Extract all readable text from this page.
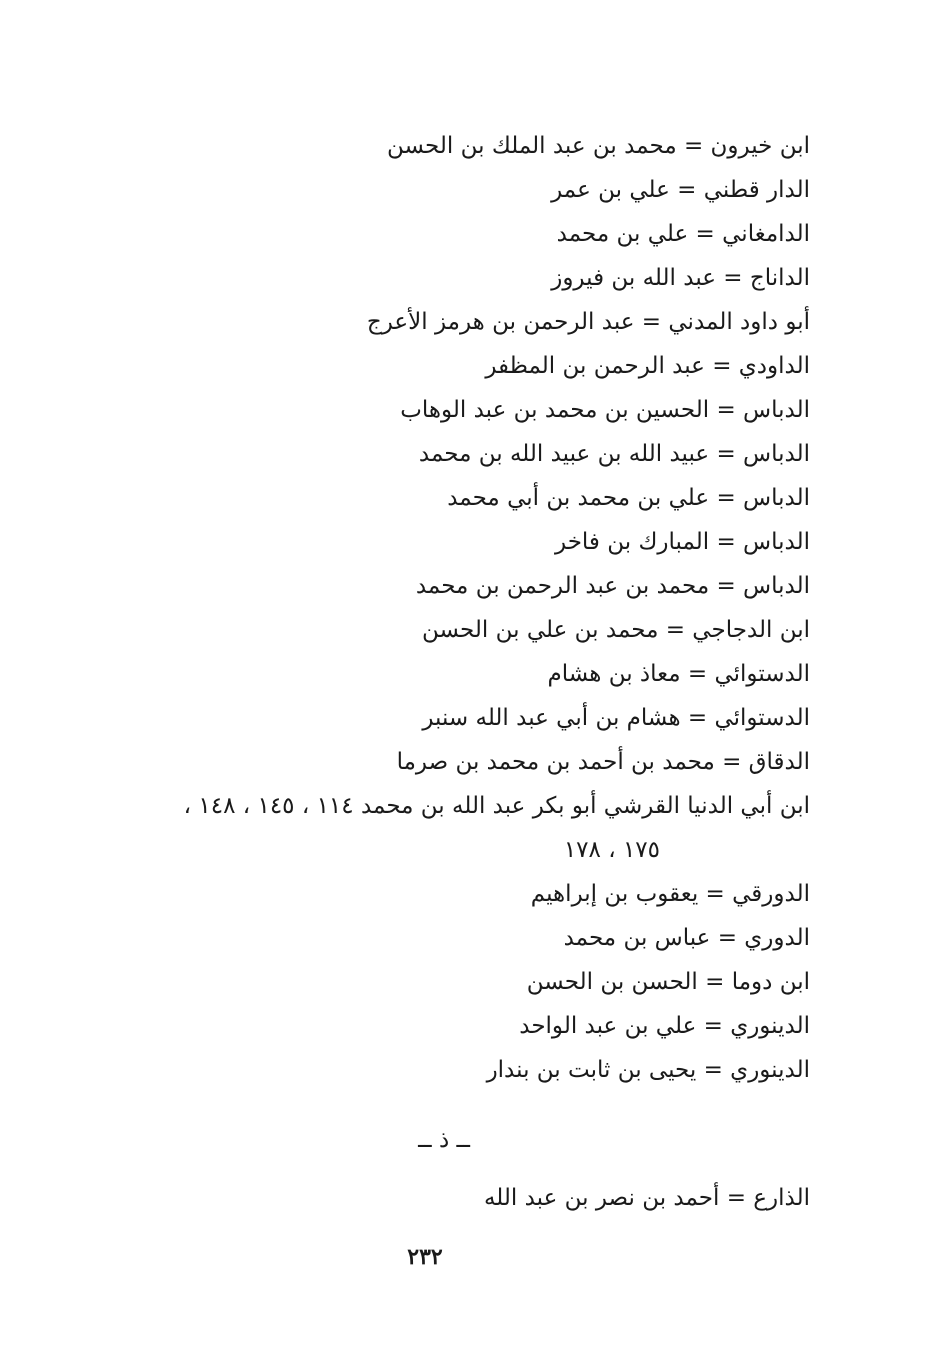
ابن خيرون = محمد بن عبد الملك بن الحسن
الدار قطني = علي بن عمر
الدامغاني = علي بن محمد
الداناج = عبد الله بن فيروز
أبو داود المدني = عبد الرحمن بن هرمز الأعرج
الداودي = عبد الرحمن بن المظفر
الدباس = الحسين بن محمد بن عبد الوهاب
الدباس = عبيد الله بن عبيد الله بن محمد
الدباس = علي بن محمد بن أبي محمد
الدباس = المبارك بن فاخر
الدباس = محمد بن عبد الرحمن بن محمد
ابن الدجاجي = محمد بن علي بن الحسن
الدستوائي = معاذ بن هشام
الدستوائي = هشام بن أبي عبد الله سنبر
الدقاق = محمد بن أحمد بن محمد بن صرما
ابن أبي الدنيا القرشي أبو بكر عبد الله بن محمد ١١٤ ، ١٤٥ ، ١٤٨ ،
١٧٥ ، ١٧٨
الدورقي = يعقوب بن إبراهيم
الدوري = عباس بن محمد
ابن دوما = الحسن بن الحسن
الدينوري = علي بن عبد الواحد
الدينوري = يحيى بن ثابت بن بندار
ــ ذ ــ
الذارع = أحمد بن نصر بن عبد الله
٢٣٢
